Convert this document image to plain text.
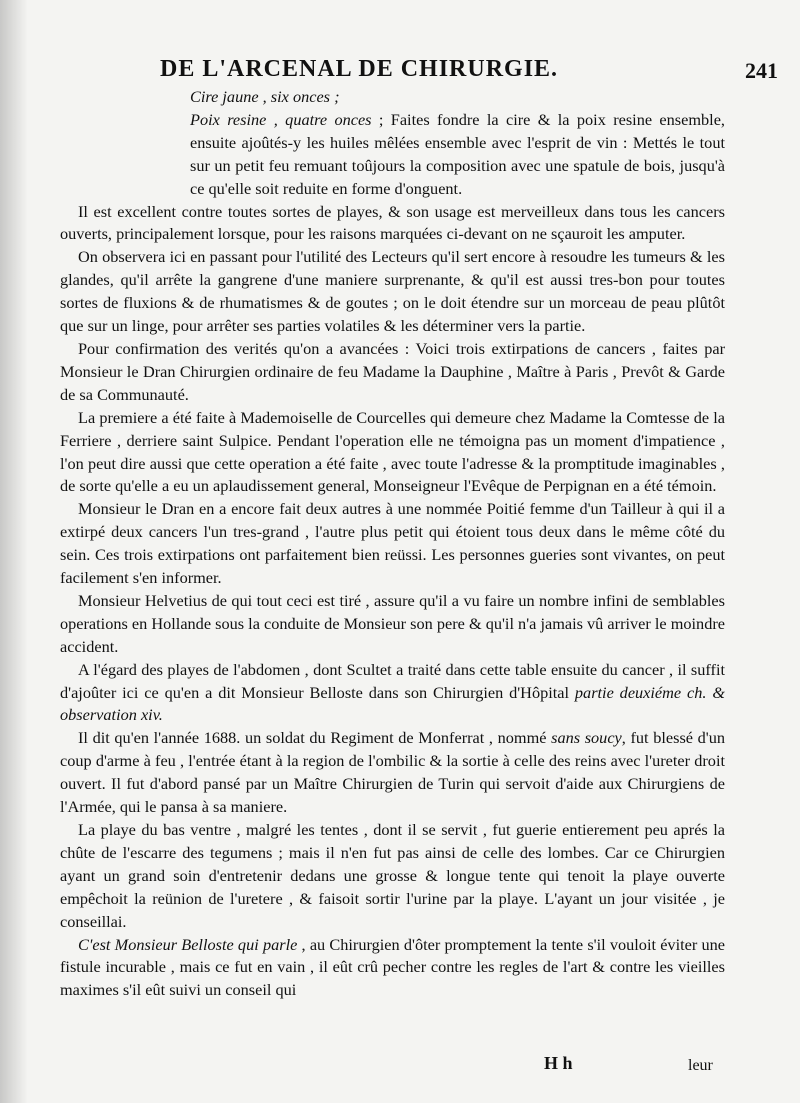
DE L'ARCENAL DE CHIRURGIE.	241

Cire jaune , six onces ;

Poix resine , quatre onces ; Faites fondre la cire & la poix resine ensemble, ensuite ajoûtés-y les huiles mêlées ensemble avec l'esprit de vin : Mettés le tout sur un petit feu remuant toûjours la composition avec une spatule de bois, jusqu'à ce qu'elle soit reduite en forme d'onguent.

Il est excellent contre toutes sortes de playes, & son usage est merveilleux dans tous les cancers ouverts, principalement lorsque, pour les raisons marquées ci-devant on ne sçauroit les amputer.

On observera ici en passant pour l'utilité des Lecteurs qu'il sert encore à resoudre les tumeurs & les glandes, qu'il arrête la gangrene d'une maniere surprenante, & qu'il est aussi tres-bon pour toutes sortes de fluxions & de rhumatismes & de goutes ; on le doit étendre sur un morceau de peau plûtôt que sur un linge, pour arrêter ses parties volatiles & les déterminer vers la partie.

Pour confirmation des verités qu'on a avancées : Voici trois extirpations de cancers , faites par Monsieur le Dran Chirurgien ordinaire de feu Madame la Dauphine , Maître à Paris , Prevôt & Garde de sa Communauté.

La premiere a été faite à Mademoiselle de Courcelles qui demeure chez Madame la Comtesse de la Ferriere , derriere saint Sulpice. Pendant l'operation elle ne témoigna pas un moment d'impatience , l'on peut dire aussi que cette operation a été faite , avec toute l'adresse & la promptitude imaginables , de sorte qu'elle a eu un aplaudissement general, Monseigneur l'Evêque de Perpignan en a été témoin.

Monsieur le Dran en a encore fait deux autres à une nommée Poitié femme d'un Tailleur à qui il a extirpé deux cancers l'un tres-grand , l'autre plus petit qui étoient tous deux dans le même côté du sein. Ces trois extirpations ont parfaitement bien reüssi. Les personnes gueries sont vivantes, on peut facilement s'en informer.

Monsieur Helvetius de qui tout ceci est tiré , assure qu'il a vu faire un nombre infini de semblables operations en Hollande sous la conduite de Monsieur son pere & qu'il n'a jamais vû arriver le moindre accident.

A l'égard des playes de l'abdomen , dont Scultet a traité dans cette table ensuite du cancer , il suffit d'ajoûter ici ce qu'en a dit Monsieur Belloste dans son Chirurgien d'Hôpital partie deuxiéme ch. & observation xiv.

Il dit qu'en l'année 1688. un soldat du Regiment de Monferrat , nommé sans soucy, fut blessé d'un coup d'arme à feu , l'entrée étant à la region de l'ombilic & la sortie à celle des reins avec l'ureter droit ouvert. Il fut d'abord pansé par un Maître Chirurgien de Turin qui servoit d'aide aux Chirurgiens de l'Armée, qui le pansa à sa maniere.

La playe du bas ventre , malgré les tentes , dont il se servit , fut guerie entierement peu aprés la chûte de l'escarre des tegumens ; mais il n'en fut pas ainsi de celle des lombes. Car ce Chirurgien ayant un grand soin d'entretenir dedans une grosse & longue tente qui tenoit la playe ouverte empêchoit la reünion de l'uretere , & faisoit sortir l'urine par la playe. L'ayant un jour visitée , je conseillai.

C'est Monsieur Belloste qui parle , au Chirurgien d'ôter promptement la tente s'il vouloit éviter une fistule incurable , mais ce fut en vain , il eût crû pecher contre les regles de l'art & contre les vieilles maximes s'il eût suivi un conseil qui

H h	leur
